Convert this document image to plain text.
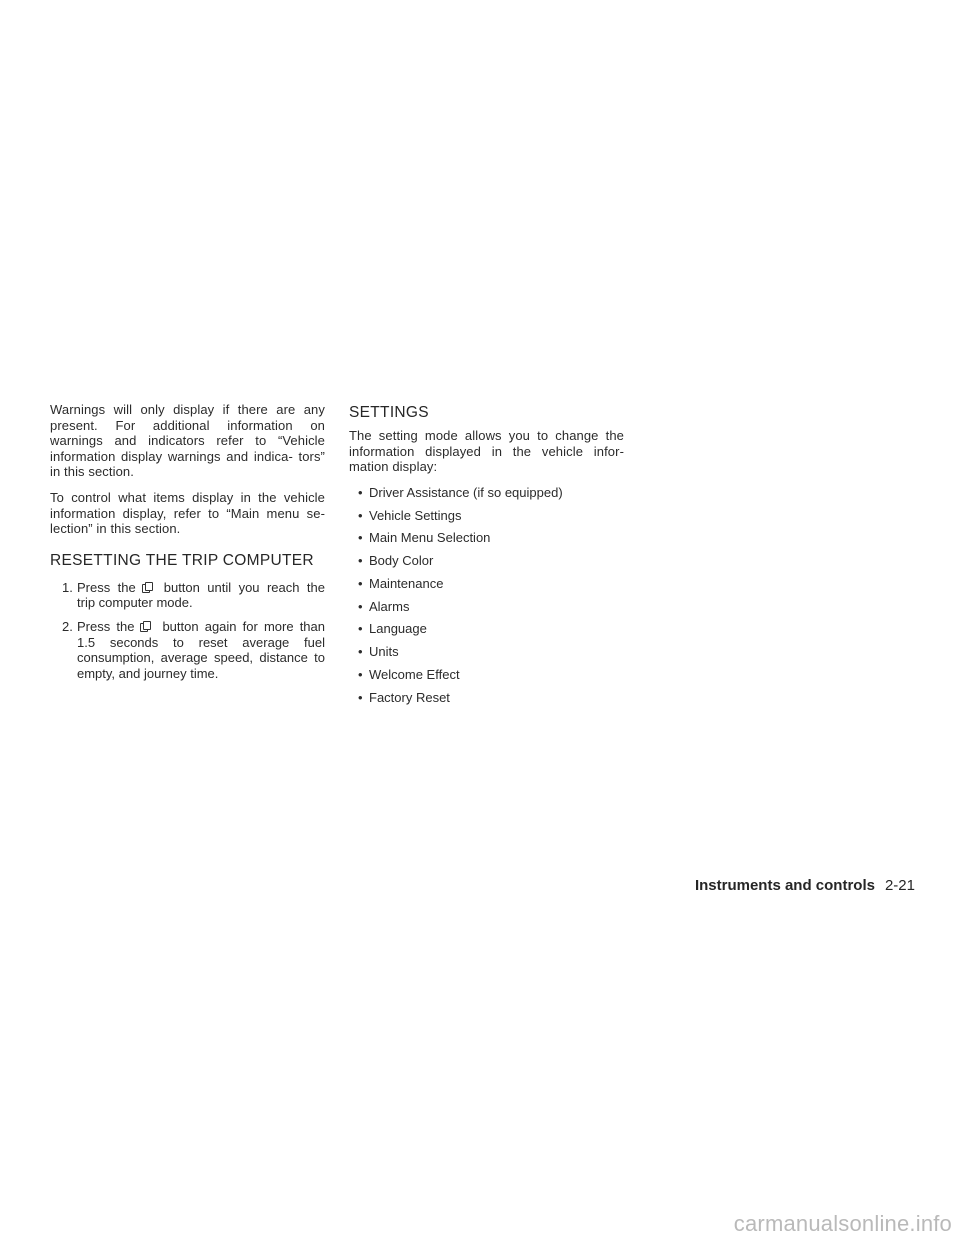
Warnings will only display if there are any present. For additional information on warnings and indicators refer to “Vehicle information display warnings and indica- tors” in this section.

To control what items display in the vehicle information display, refer to “Main menu se- lection” in this section.

RESETTING THE TRIP COMPUTER
1. Press the button until you reach the trip computer mode.
2. Press the button again for more than 1.5 seconds to reset average fuel consumption, average speed, distance to empty, and journey time.
SETTINGS

The setting mode allows you to change the information displayed in the vehicle infor- mation display:

• Driver Assistance (if so equipped)
• Vehicle Settings
• Main Menu Selection
• Body Color
• Maintenance
• Alarms
• Language
• Units
• Welcome Effect
• Factory Reset
Instruments and controls 2-21
carmanualsonline.info
